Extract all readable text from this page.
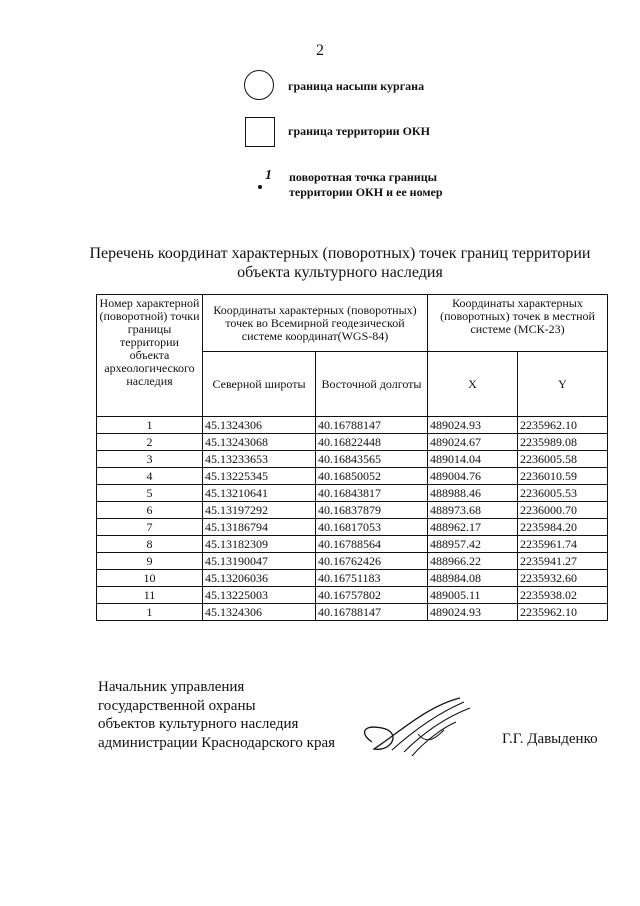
2
граница насыпи кургана
граница территории ОКН
1 поворотная точка границы
территории ОКН и ее номер
Перечень координат характерных (поворотных) точек границ территории
объекта культурного наследия
Номер характерной (поворотной) точки границы территории объекта археологического наследия	Координаты характерных (поворотных) точек во Всемирной геодезической системе координат(WGS-84)		Координаты характерных (поворотных) точек в местной системе (МСК-23)	
	Северной широты	Восточной долготы	X	Y
1	45.1324306	40.16788147	489024.93	2235962.10
2	45.13243068	40.16822448	489024.67	2235989.08
3	45.13233653	40.16843565	489014.04	2236005.58
4	45.13225345	40.16850052	489004.76	2236010.59
5	45.13210641	40.16843817	488988.46	2236005.53
6	45.13197292	40.16837879	488973.68	2236000.70
7	45.13186794	40.16817053	488962.17	2235984.20
8	45.13182309	40.16788564	488957.42	2235961.74
9	45.13190047	40.16762426	488966.22	2235941.27
10	45.13206036	40.16751183	488984.08	2235932.60
11	45.13225003	40.16757802	489005.11	2235938.02
1	45.1324306	40.16788147	489024.93	2235962.10
Начальник управления
государственной охраны
объектов культурного наследия
администрации Краснодарского края	Г.Г. Давыденко
